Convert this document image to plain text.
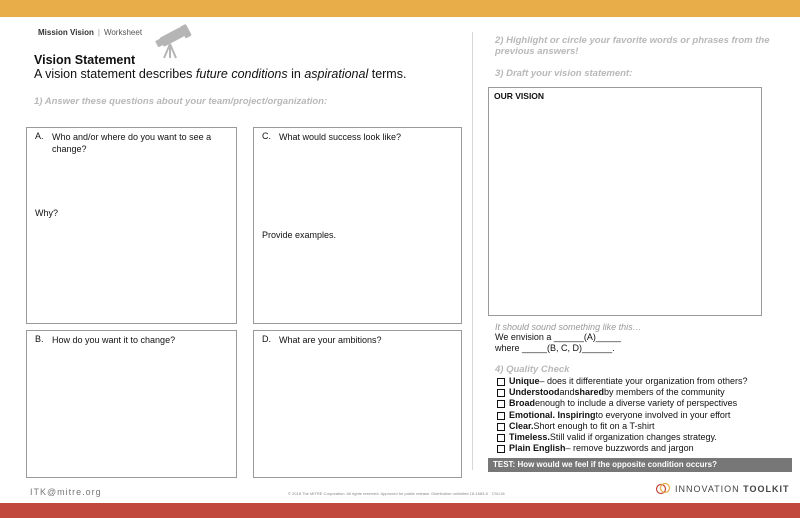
Mission Vision | Worksheet
Vision Statement
A vision statement describes future conditions in aspirational terms.
1) Answer these questions about your team/project/organization:
A. Who and/or where do you want to see a change?
Why?
C. What would success look like?
Provide examples.
B. How do you want it to change?	D. What are your ambitions?
2) Highlight or circle your favorite words or phrases from the previous answers!
3) Draft your vision statement:
OUR VISION
It should sound something like this…
We envision a ______(A)_____
where _____(B, C, D)______.
4) Quality Check
Unique – does it differentiate your organization from others?
Understood and shared by members of the community
Broad enough to include a diverse variety of perspectives
Emotional. Inspiring to everyone involved in your effort
Clear. Short enough to fit on a T-shirt
Timeless. Still valid if organization changes strategy.
Plain English – remove buzzwords and jargon
TEST: How would we feel if the opposite condition occurs?
ITK@mitre.org	© 2018 The MITRE Corporation. All rights reserved. Approved for public release. Distribution unlimited 18-1683-5 7/31/18	INNOVATION TOOLKIT
